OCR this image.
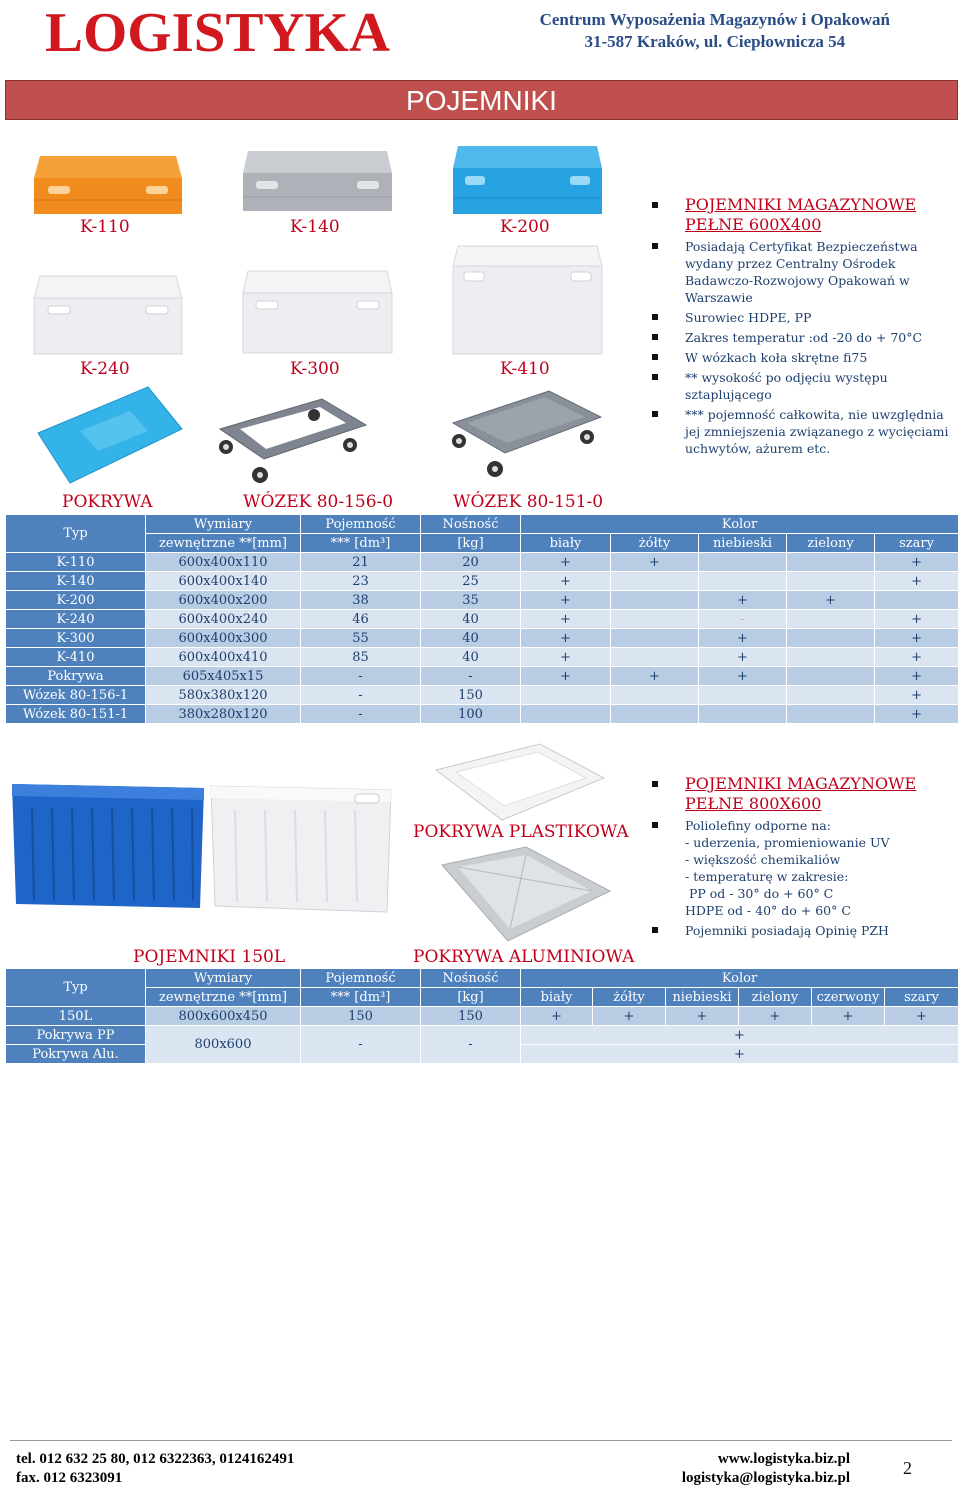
LOGISTYKA	Centrum Wyposażenia Magazynów i Opakowań
31-587 Kraków, ul. Ciepłownicza 54
POJEMNIKI
K-110	K-140	K-200
K-240	K-300	K-410
POKRYWA	WÓZEK 80-156-0	WÓZEK 80-151-0
POJEMNIKI MAGAZYNOWE PEŁNE 600X400
Posiadają Certyfikat Bezpieczeństwa wydany przez Centralny Ośrodek Badawczo-Rozwojowy Opakowań w Warszawie
Surowiec HDPE, PP
Zakres temperatur :od -20 do + 70°C
W wózkach koła skrętne fi75
** wysokość po odjęciu występu sztaplującego
*** pojemność całkowita, nie uwzględnia jej zmniejszenia związanego z wycięciami uchwytów, ażurem etc.
Typ	Wymiary	Pojemność	Nośność	Kolor				
	zewnętrzne **[mm]	*** [dm³]	[kg]	biały	żółty	niebieski	zielony	szary
K-110	600x400x110	21	20	+	+			+
K-140	600x400x140	23	25	+				+
K-200	600x400x200	38	35	+		+	+	
K-240	600x400x240	46	40	+		-		+
K-300	600x400x300	55	40	+		+		+
K-410	600x400x410	85	40	+		+		+
Pokrywa	605x405x15	-	-	+	+	+		+
Wózek 80-156-1	580x380x120	-	150					+
Wózek 80-151-1	380x280x120	-	100					+
POKRYWA PLASTIKOWA
POJEMNIKI 150L	POKRYWA ALUMINIOWA
POJEMNIKI MAGAZYNOWE PEŁNE 800X600
Poliolefiny odporne na:
- uderzenia, promieniowanie UV
- większość chemikaliów
- temperaturę w zakresie:
PP od - 30° do + 60° C
HDPE od - 40° do + 60° C
Pojemniki posiadają Opinię PZH
Typ	Wymiary	Pojemność	Nośność	Kolor					
	zewnętrzne **[mm]	*** [dm³]	[kg]	biały	żółty	niebieski	zielony	czerwony	szary
150L	800x600x450	150	150	+	+	+	+	+	+
Pokrywa PP	800x600	-	-	+					
Pokrywa Alu.				+					
tel. 012 632 25 80, 012 6322363, 0124162491
fax. 012 6323091
www.logistyka.biz.pl
logistyka@logistyka.biz.pl	2
